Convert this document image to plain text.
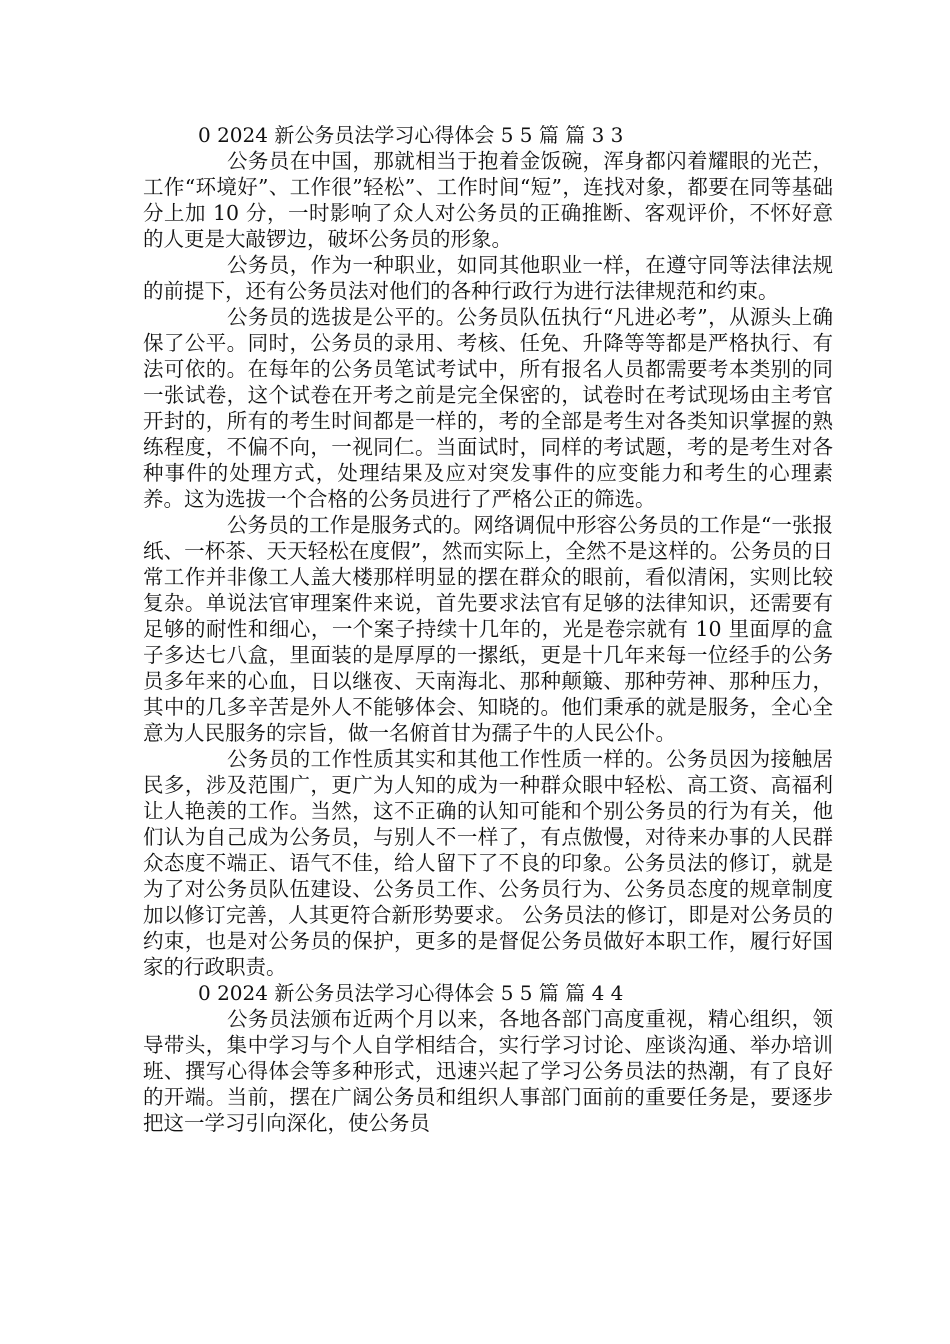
0 2024 新公务员法学习心得体会 5 5 篇 篇 3 3

公务员在中国，那就相当于抱着金饭碗，浑身都闪着耀眼的光芒，工作“环境好”、工作很”轻松”、工作时间“短”，连找对象，都要在同等基础分上加 10 分，一时影响了众人对公务员的正确推断、客观评价，不怀好意的人更是大敲锣边，破坏公务员的形象。

公务员，作为一种职业，如同其他职业一样，在遵守同等法律法规的前提下，还有公务员法对他们的各种行政行为进行法律规范和约束。

公务员的选拔是公平的。公务员队伍执行“凡进必考”，从源头上确保了公平。同时，公务员的录用、考核、任免、升降等等都是严格执行、有法可依的。在每年的公务员笔试考试中，所有报名人员都需要考本类别的同一张试卷，这个试卷在开考之前是完全保密的，试卷时在考试现场由主考官开封的，所有的考生时间都是一样的，考的全部是考生对各类知识掌握的熟练程度，不偏不向，一视同仁。当面试时，同样的考试题，考的是考生对各种事件的处理方式，处理结果及应对突发事件的应变能力和考生的心理素养。这为选拔一个合格的公务员进行了严格公正的筛选。

公务员的工作是服务式的。网络调侃中形容公务员的工作是“一张报纸、一杯茶、天天轻松在度假”，然而实际上，全然不是这样的。公务员的日常工作并非像工人盖大楼那样明显的摆在群众的眼前，看似清闲，实则比较复杂。单说法官审理案件来说，首先要求法官有足够的法律知识，还需要有足够的耐性和细心，一个案子持续十几年的，光是卷宗就有 10 里面厚的盒子多达七八盒，里面装的是厚厚的一摞纸，更是十几年来每一位经手的公务员多年来的心血，日以继夜、天南海北、那种颠簸、那种劳神、那种压力，其中的几多辛苦是外人不能够体会、知晓的。他们秉承的就是服务，全心全意为人民服务的宗旨，做一名俯首甘为孺子牛的人民公仆。

公务员的工作性质其实和其他工作性质一样的。公务员因为接触居民多，涉及范围广，更广为人知的成为一种群众眼中轻松、高工资、高福利让人艳羡的工作。当然，这不正确的认知可能和个别公务员的行为有关，他们认为自己成为公务员，与别人不一样了，有点傲慢，对待来办事的人民群众态度不端正、语气不佳，给人留下了不良的印象。公务员法的修订，就是为了对公务员队伍建设、公务员工作、公务员行为、公务员态度的规章制度加以修订完善，人其更符合新形势要求。 公务员法的修订，即是对公务员的约束，也是对公务员的保护，更多的是督促公务员做好本职工作，履行好国家的行政职责。

0 2024 新公务员法学习心得体会 5 5 篇 篇 4 4

公务员法颁布近两个月以来，各地各部门高度重视，精心组织，领导带头，集中学习与个人自学相结合，实行学习讨论、座谈沟通、举办培训班、撰写心得体会等多种形式，迅速兴起了学习公务员法的热潮，有了良好的开端。当前，摆在广阔公务员和组织人事部门面前的重要任务是，要逐步把这一学习引向深化，使公务员
